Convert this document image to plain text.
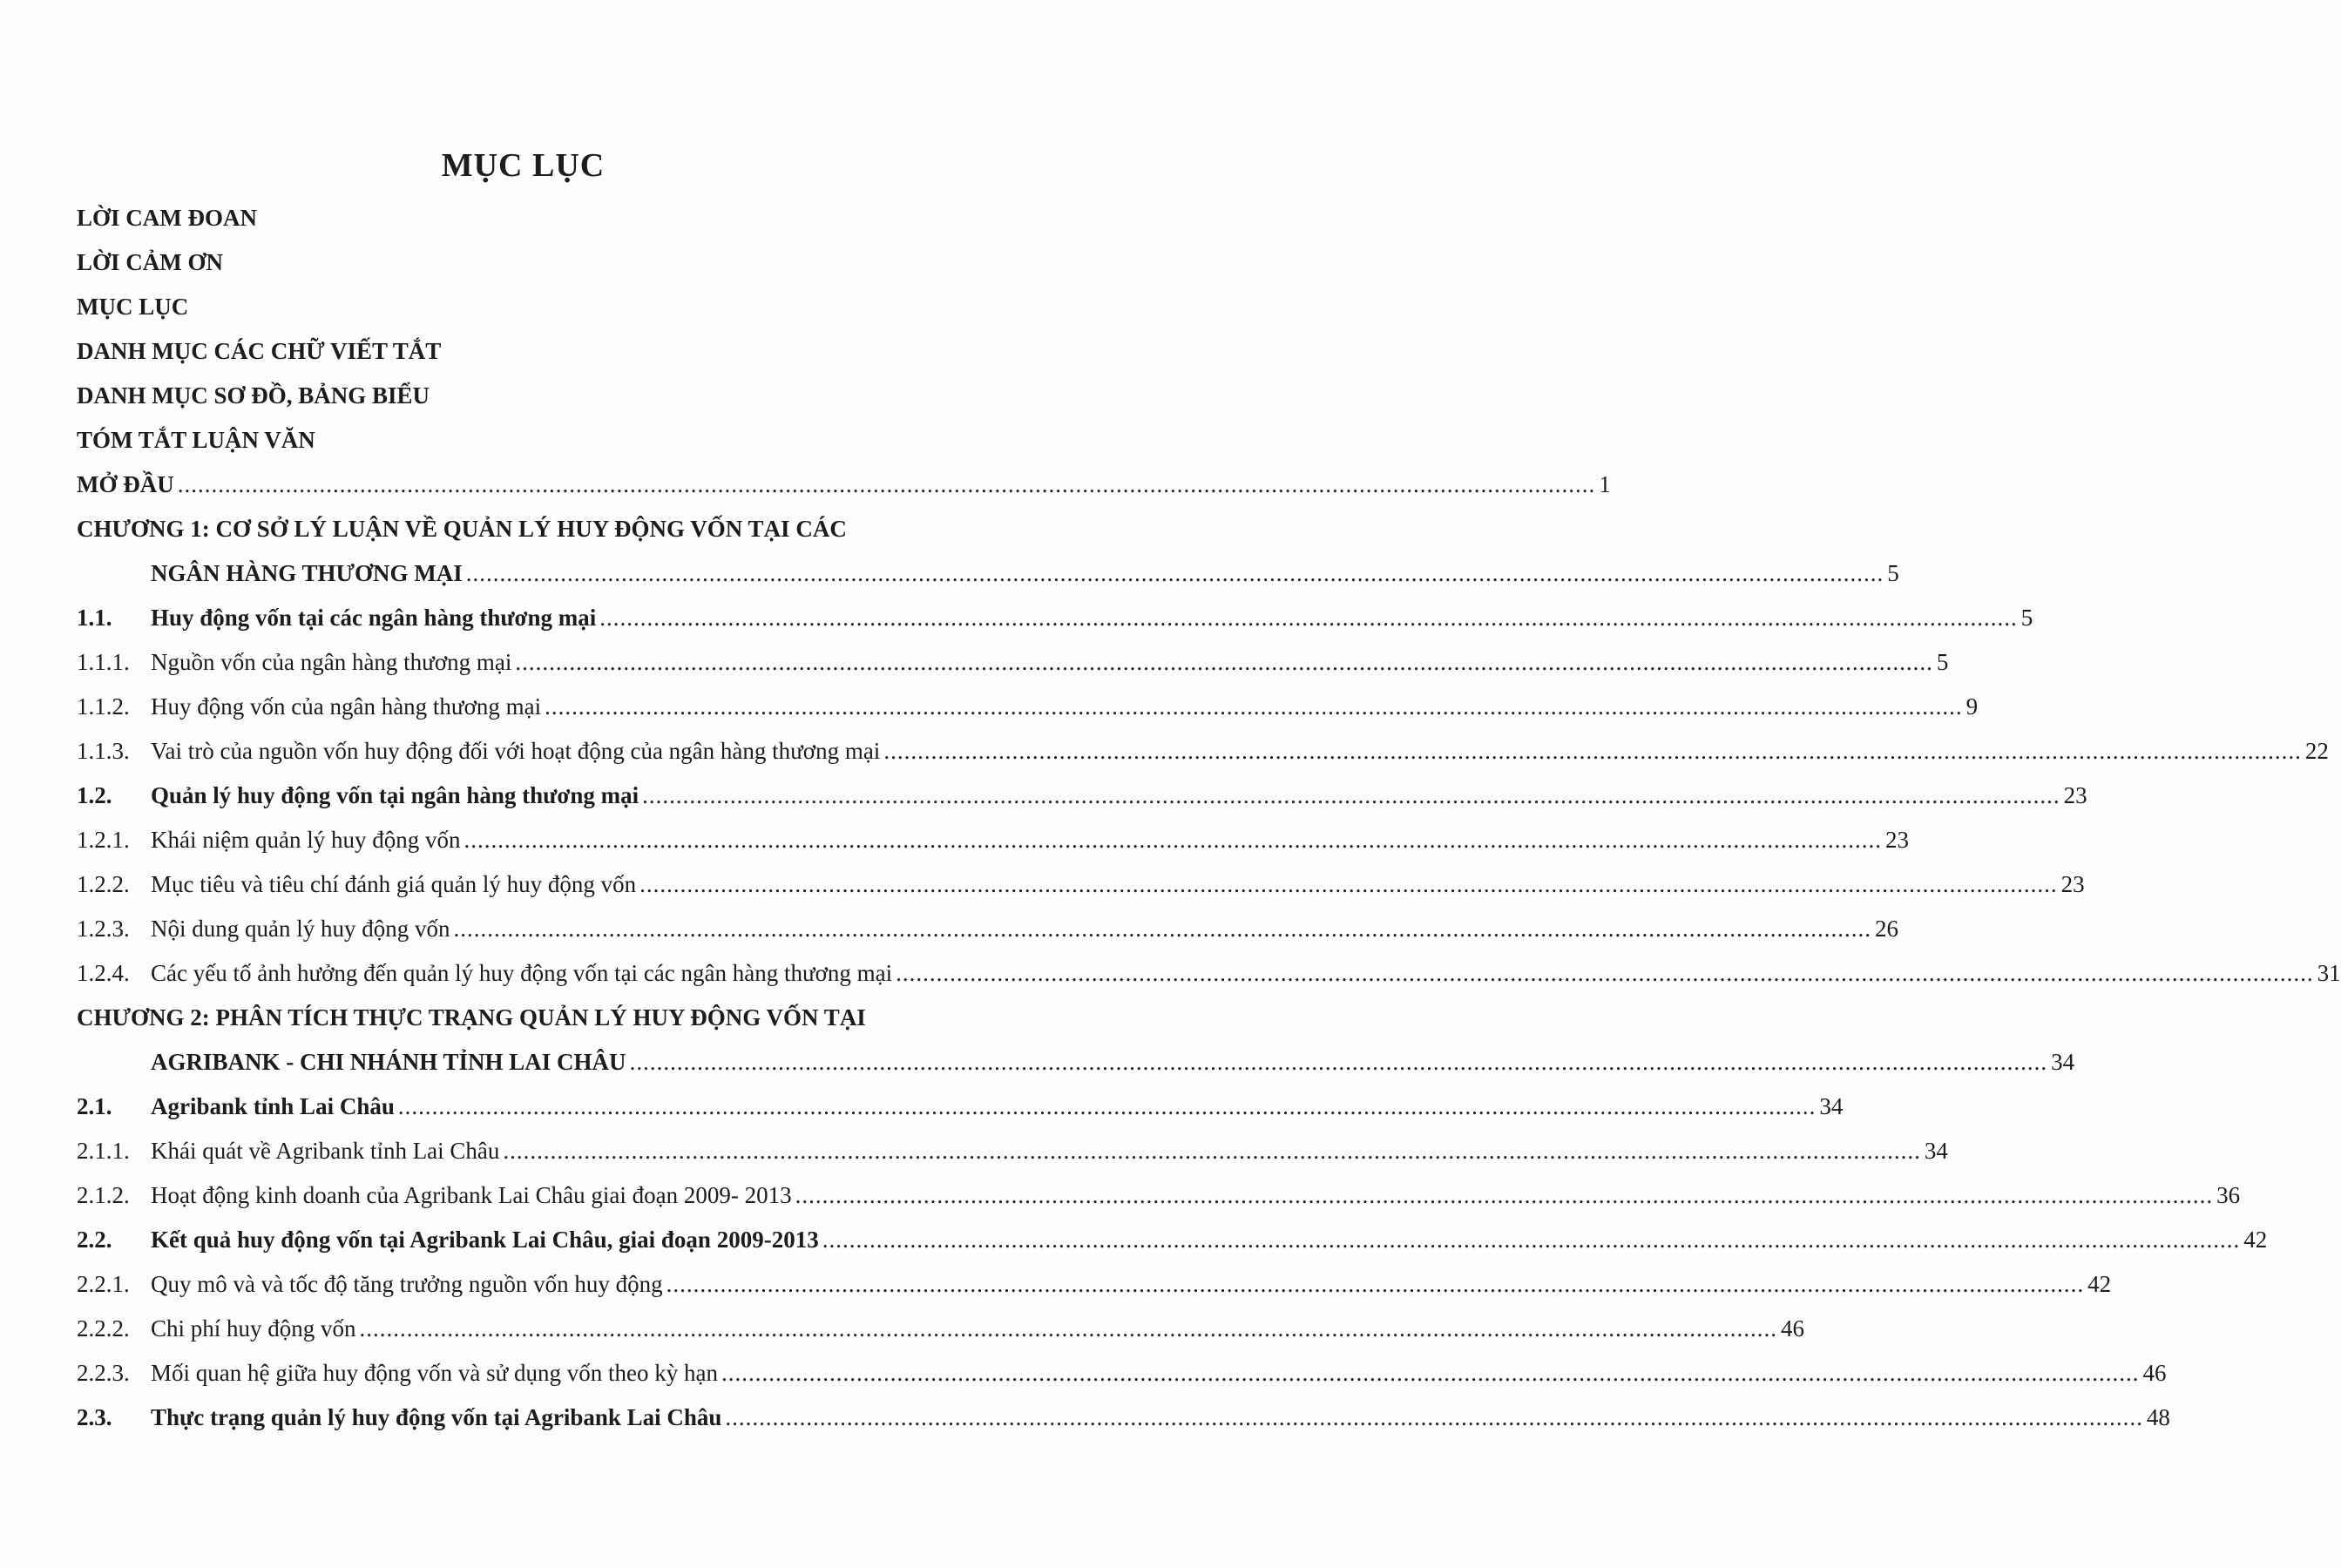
MỤC LỤC
LỜI CAM ĐOAN
LỜI CẢM ƠN
MỤC LỤC
DANH MỤC CÁC CHỮ VIẾT TẮT
DANH MỤC SƠ ĐỒ, BẢNG BIỂU
TÓM TẮT LUẬN VĂN
MỞ ĐẦU .....	1
CHƯƠNG 1: CƠ SỞ LÝ LUẬN VỀ QUẢN LÝ HUY ĐỘNG VỐN TẠI CÁC
NGÂN HÀNG THƯƠNG MẠI .....	5
1.1.	Huy động vốn tại các ngân hàng thương mại .....	5
1.1.1. Nguồn vốn của ngân hàng thương mại .....	5
1.1.2. Huy động vốn của ngân hàng thương mại .....	9
1.1.3. Vai trò của nguồn vốn huy động đối với hoạt động của ngân hàng thương mại .....	22
1.2.	Quản lý huy động vốn tại ngân hàng thương mại .....	23
1.2.1. Khái niệm quản lý huy động vốn .....	23
1.2.2. Mục tiêu và tiêu chí đánh giá quản lý huy động vốn .....	23
1.2.3. Nội dung quản lý huy động vốn .....	26
1.2.4. Các yếu tố ảnh hưởng đến quản lý huy động vốn tại các ngân hàng thương mại .....	31
CHƯƠNG 2: PHÂN TÍCH THỰC TRẠNG QUẢN LÝ HUY ĐỘNG VỐN TẠI
AGRIBANK - CHI NHÁNH TỈNH LAI CHÂU .....	34
2.1.	Agribank tỉnh Lai Châu .....	34
2.1.1. Khái quát về Agribank tỉnh Lai Châu .....	34
2.1.2. Hoạt động kinh doanh của Agribank Lai Châu giai đoạn 2009- 2013 .....	36
2.2.	Kết quả huy động vốn tại Agribank Lai Châu, giai đoạn 2009-2013 .....	42
2.2.1. Quy mô và và tốc độ tăng trưởng nguồn vốn huy động .....	42
2.2.2. Chi phí huy động vốn .....	46
2.2.3. Mối quan hệ giữa huy động vốn và sử dụng vốn theo kỳ hạn .....	46
2.3.	Thực trạng quản lý huy động vốn tại Agribank Lai Châu .....	48
